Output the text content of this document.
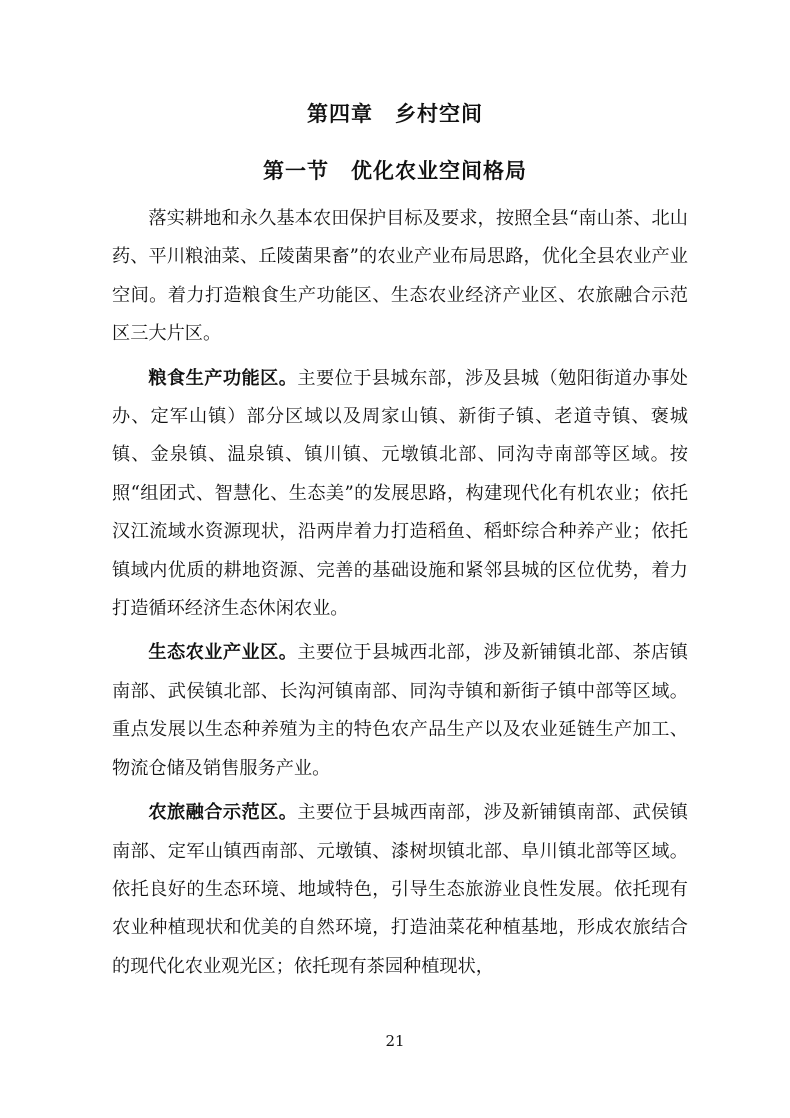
第四章 乡村空间
第一节 优化农业空间格局

落实耕地和永久基本农田保护目标及要求，按照全县“南山茶、北山药、平川粮油菜、丘陵菌果畜”的农业产业布局思路，优化全县农业产业空间。着力打造粮食生产功能区、生态农业经济产业区、农旅融合示范区三大片区。

粮食生产功能区。主要位于县城东部，涉及县城（勉阳街道办事处办、定军山镇）部分区域以及周家山镇、新街子镇、老道寺镇、褒城镇、金泉镇、温泉镇、镇川镇、元墩镇北部、同沟寺南部等区域。按照“组团式、智慧化、生态美”的发展思路，构建现代化有机农业；依托汉江流域水资源现状，沿两岸着力打造稻鱼、稻虾综合种养产业；依托镇域内优质的耕地资源、完善的基础设施和紧邻县城的区位优势，着力打造循环经济生态休闲农业。

生态农业产业区。主要位于县城西北部，涉及新铺镇北部、茶店镇南部、武侯镇北部、长沟河镇南部、同沟寺镇和新街子镇中部等区域。重点发展以生态种养殖为主的特色农产品生产以及农业延链生产加工、物流仓储及销售服务产业。

农旅融合示范区。主要位于县城西南部，涉及新铺镇南部、武侯镇南部、定军山镇西南部、元墩镇、漆树坝镇北部、阜川镇北部等区域。依托良好的生态环境、地域特色，引导生态旅游业良性发展。依托现有农业种植现状和优美的自然环境，打造油菜花种植基地，形成农旅结合的现代化农业观光区；依托现有茶园种植现状，

21
